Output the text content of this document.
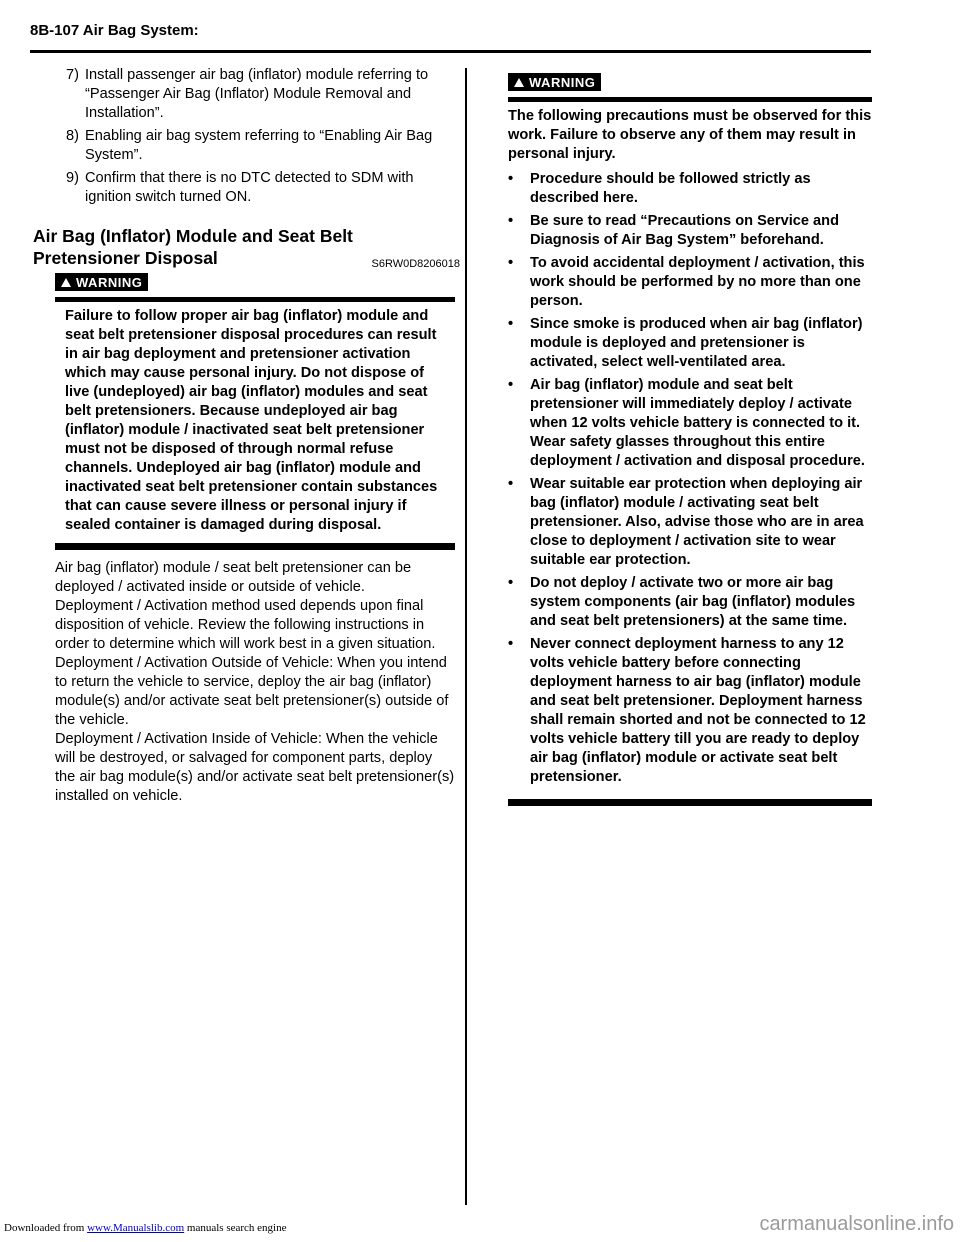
8B-107 Air Bag System:
7) Install passenger air bag (inflator) module referring to “Passenger Air Bag (Inflator) Module Removal and Installation”.
8) Enabling air bag system referring to “Enabling Air Bag System”.
9) Confirm that there is no DTC detected to SDM with ignition switch turned ON.
Air Bag (Inflator) Module and Seat Belt Pretensioner Disposal	S6RW0D8206018
WARNING
Failure to follow proper air bag (inflator) module and seat belt pretensioner disposal procedures can result in air bag deployment and pretensioner activation which may cause personal injury. Do not dispose of live (undeployed) air bag (inflator) modules and seat belt pretensioners. Because undeployed air bag (inflator) module / inactivated seat belt pretensioner must not be disposed of through normal refuse channels. Undeployed air bag (inflator) module and inactivated seat belt pretensioner contain substances that can cause severe illness or personal injury if sealed container is damaged during disposal.
Air bag (inflator) module / seat belt pretensioner can be deployed / activated inside or outside of vehicle.
Deployment / Activation method used depends upon final disposition of vehicle. Review the following instructions in order to determine which will work best in a given situation.
Deployment / Activation Outside of Vehicle: When you intend to return the vehicle to service, deploy the air bag (inflator) module(s) and/or activate seat belt pretensioner(s) outside of the vehicle.
Deployment / Activation Inside of Vehicle: When the vehicle will be destroyed, or salvaged for component parts, deploy the air bag module(s) and/or activate seat belt pretensioner(s) installed on vehicle.
WARNING
The following precautions must be observed for this work. Failure to observe any of them may result in personal injury.
•	Procedure should be followed strictly as described here.
•	Be sure to read “Precautions on Service and Diagnosis of Air Bag System” beforehand.
•	To avoid accidental deployment / activation, this work should be performed by no more than one person.
•	Since smoke is produced when air bag (inflator) module is deployed and pretensioner is activated, select well-ventilated area.
•	Air bag (inflator) module and seat belt pretensioner will immediately deploy / activate when 12 volts vehicle battery is connected to it. Wear safety glasses throughout this entire deployment / activation and disposal procedure.
•	Wear suitable ear protection when deploying air bag (inflator) module / activating seat belt pretensioner. Also, advise those who are in area close to deployment / activation site to wear suitable ear protection.
•	Do not deploy / activate two or more air bag system components (air bag (inflator) modules and seat belt pretensioners) at the same time.
•	Never connect deployment harness to any 12 volts vehicle battery before connecting deployment harness to air bag (inflator) module and seat belt pretensioner. Deployment harness shall remain shorted and not be connected to 12 volts vehicle battery till you are ready to deploy air bag (inflator) module or activate seat belt pretensioner.
Downloaded from www.Manualslib.com manuals search engine	carmanualsonline.info
